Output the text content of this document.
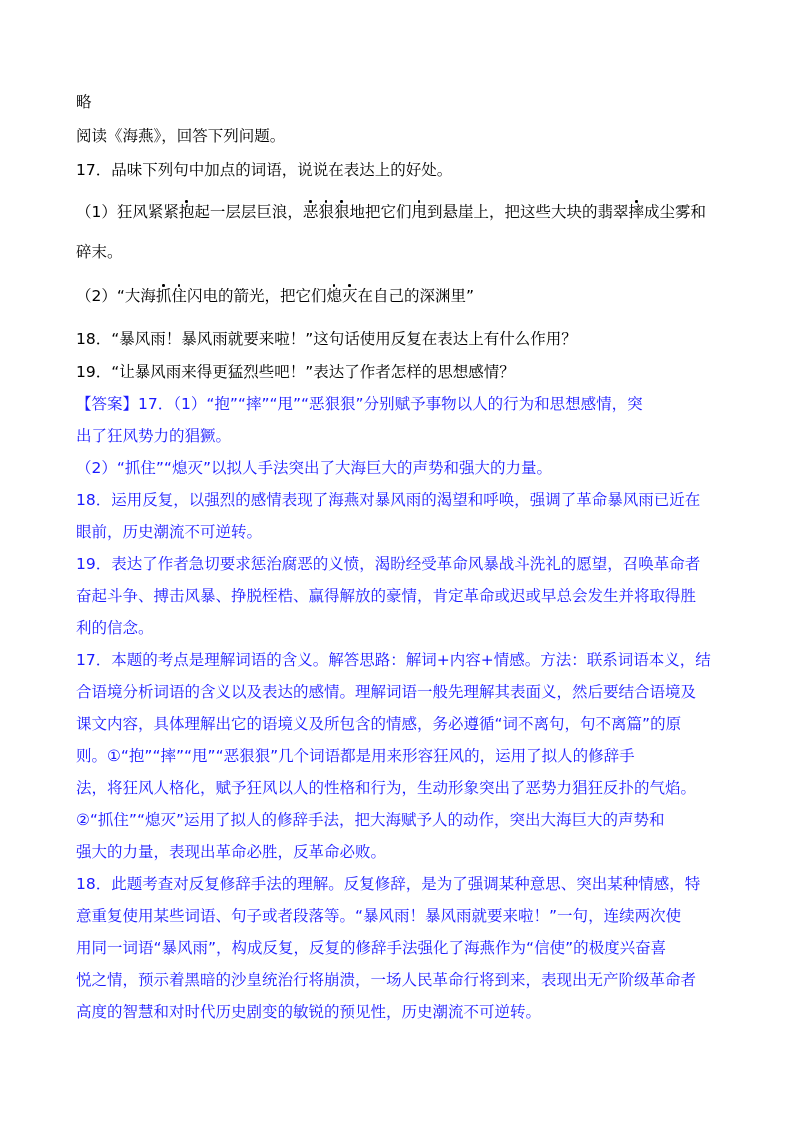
略
阅读《海燕》，回答下列问题。
17．品味下列句中加点的词语，说说在表达上的好处。
（1）狂风紧紧抱起一层层巨浪，恶狠狠地把它们甩到悬崖上，把这些大块的翡翠摔成尘雾和
碎末。
（2）“大海抓住闪电的箭光，把它们熄灭在自己的深渊里”
18．“暴风雨！暴风雨就要来啦！”这句话使用反复在表达上有什么作用？
19．“让暴风雨来得更猛烈些吧！”表达了作者怎样的思想感情？
【答案】17．（1）“抱”“摔”“甩”“恶狠狠”分别赋予事物以人的行为和思想感情，突
出了狂风势力的猖獗。
（2）“抓住”“熄灭”以拟人手法突出了大海巨大的声势和强大的力量。
18．运用反复，以强烈的感情表现了海燕对暴风雨的渴望和呼唤，强调了革命暴风雨已近在
眼前，历史潮流不可逆转。
19．表达了作者急切要求惩治腐恶的义愤，渴盼经受革命风暴战斗洗礼的愿望，召唤革命者
奋起斗争、搏击风暴、挣脱桎梏、赢得解放的豪情，肯定革命或迟或早总会发生并将取得胜
利的信念。
17．本题的考点是理解词语的含义。解答思路：解词+内容+情感。方法：联系词语本义，结
合语境分析词语的含义以及表达的感情。理解词语一般先理解其表面义，然后要结合语境及
课文内容，具体理解出它的语境义及所包含的情感，务必遵循“词不离句，句不离篇”的原
则。①“抱”“摔”“甩”“恶狠狠”几个词语都是用来形容狂风的，运用了拟人的修辞手
法，将狂风人格化，赋予狂风以人的性格和行为，生动形象突出了恶势力猖狂反扑的气焰。
②“抓住”“熄灭”运用了拟人的修辞手法，把大海赋予人的动作，突出大海巨大的声势和
强大的力量，表现出革命必胜，反革命必败。
18．此题考查对反复修辞手法的理解。反复修辞，是为了强调某种意思、突出某种情感，特
意重复使用某些词语、句子或者段落等。“暴风雨！暴风雨就要来啦！”一句，连续两次使
用同一词语“暴风雨”，构成反复，反复的修辞手法强化了海燕作为“信使”的极度兴奋喜
悦之情，预示着黑暗的沙皇统治行将崩溃，一场人民革命行将到来，表现出无产阶级革命者
高度的智慧和对时代历史剧变的敏锐的预见性，历史潮流不可逆转。
